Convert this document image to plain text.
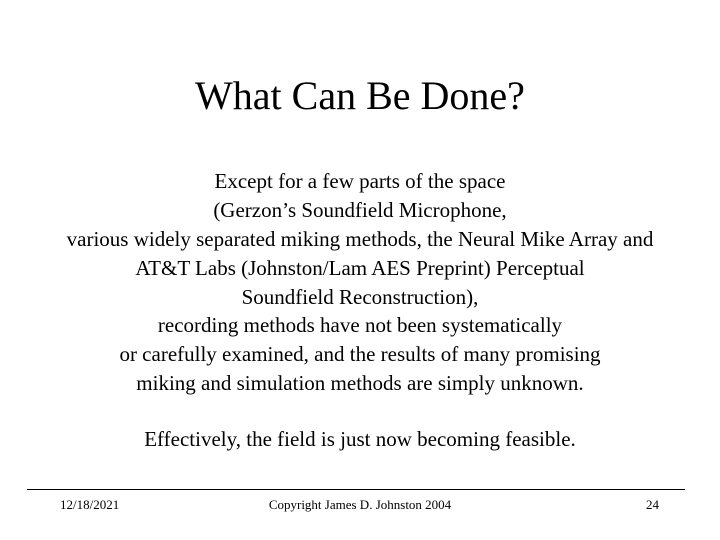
What Can Be Done?
Except for a few parts of the space
(Gerzon’s Soundfield Microphone,
various widely separated miking methods, the Neural Mike Array and
AT&T Labs (Johnston/Lam AES Preprint) Perceptual
Soundfield Reconstruction),
recording methods have not been systematically
or carefully examined, and the results of many promising
miking and simulation methods are simply unknown.
Effectively, the field is just now becoming feasible.
12/18/2021	Copyright James D. Johnston 2004	24
